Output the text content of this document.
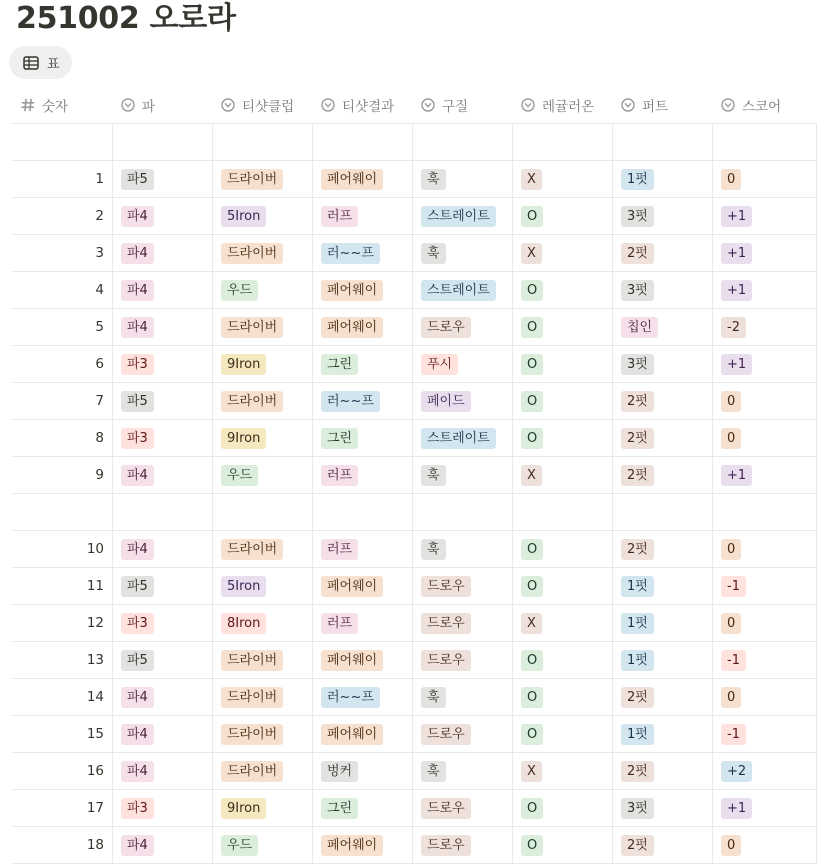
251002 오로라
표
숫자	파	티샷클럽	티샷결과	구질	레귤러온	퍼트	스코어
1	파5	드라이버	페어웨이	훅	X	1펏	0
2	파4	5Iron	러프	스트레이트	O	3펏	+1
3	파4	드라이버	러~~프	훅	X	2펏	+1
4	파4	우드	페어웨이	스트레이트	O	3펏	+1
5	파4	드라이버	페어웨이	드로우	O	칩인	-2
6	파3	9Iron	그린	푸시	O	3펏	+1
7	파5	드라이버	러~~프	페이드	O	2펏	0
8	파3	9Iron	그린	스트레이트	O	2펏	0
9	파4	우드	러프	훅	X	2펏	+1
10	파4	드라이버	러프	훅	O	2펏	0
11	파5	5Iron	페어웨이	드로우	O	1펏	-1
12	파3	8Iron	러프	드로우	X	1펏	0
13	파5	드라이버	페어웨이	드로우	O	1펏	-1
14	파4	드라이버	러~~프	훅	O	2펏	0
15	파4	드라이버	페어웨이	드로우	O	1펏	-1
16	파4	드라이버	벙커	훅	X	2펏	+2
17	파3	9Iron	그린	드로우	O	3펏	+1
18	파4	우드	페어웨이	드로우	O	2펏	0
